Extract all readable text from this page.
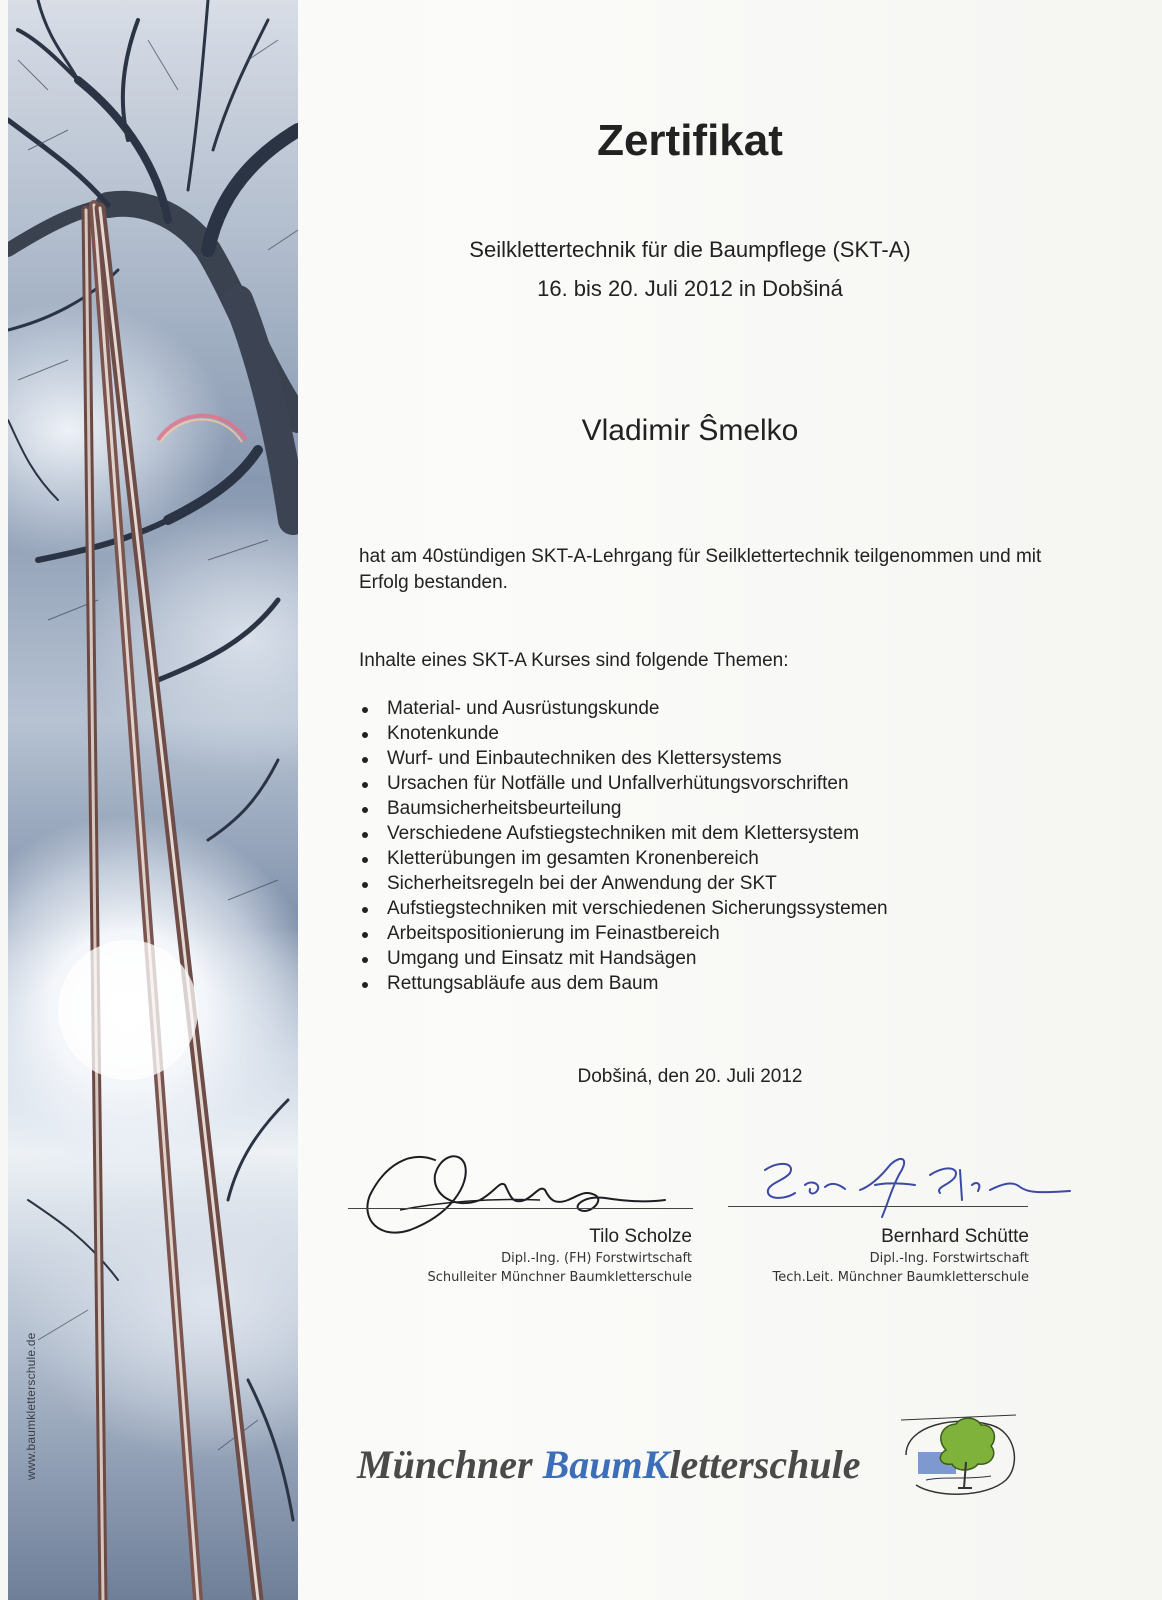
www.baumkletterschule.de
Zertifikat
Seilklettertechnik für die Baumpflege (SKT-A)
16. bis 20. Juli 2012 in Dobšiná
Vladimir Ŝmelko
hat am 40stündigen SKT-A-Lehrgang für Seilklettertechnik teilgenommen und mit Erfolg bestanden.
Inhalte eines SKT-A Kurses sind folgende Themen:
Material- und Ausrüstungskunde
Knotenkunde
Wurf- und Einbautechniken des Klettersystems
Ursachen für Notfälle und Unfallverhütungsvorschriften
Baumsicherheitsbeurteilung
Verschiedene Aufstiegstechniken mit dem Klettersystem
Kletterübungen im gesamten Kronenbereich
Sicherheitsregeln bei der Anwendung der SKT
Aufstiegstechniken mit verschiedenen Sicherungssystemen
Arbeitspositionierung im Feinastbereich
Umgang und Einsatz mit Handsägen
Rettungsabläufe aus dem Baum
Dobšiná, den 20. Juli 2012
Tilo Scholze
Dipl.-Ing. (FH) Forstwirtschaft
Schulleiter Münchner Baumkletterschule
Bernhard Schütte
Dipl.-Ing. Forstwirtschaft
Tech.Leit. Münchner Baumkletterschule
Münchner BaumKletterschule
